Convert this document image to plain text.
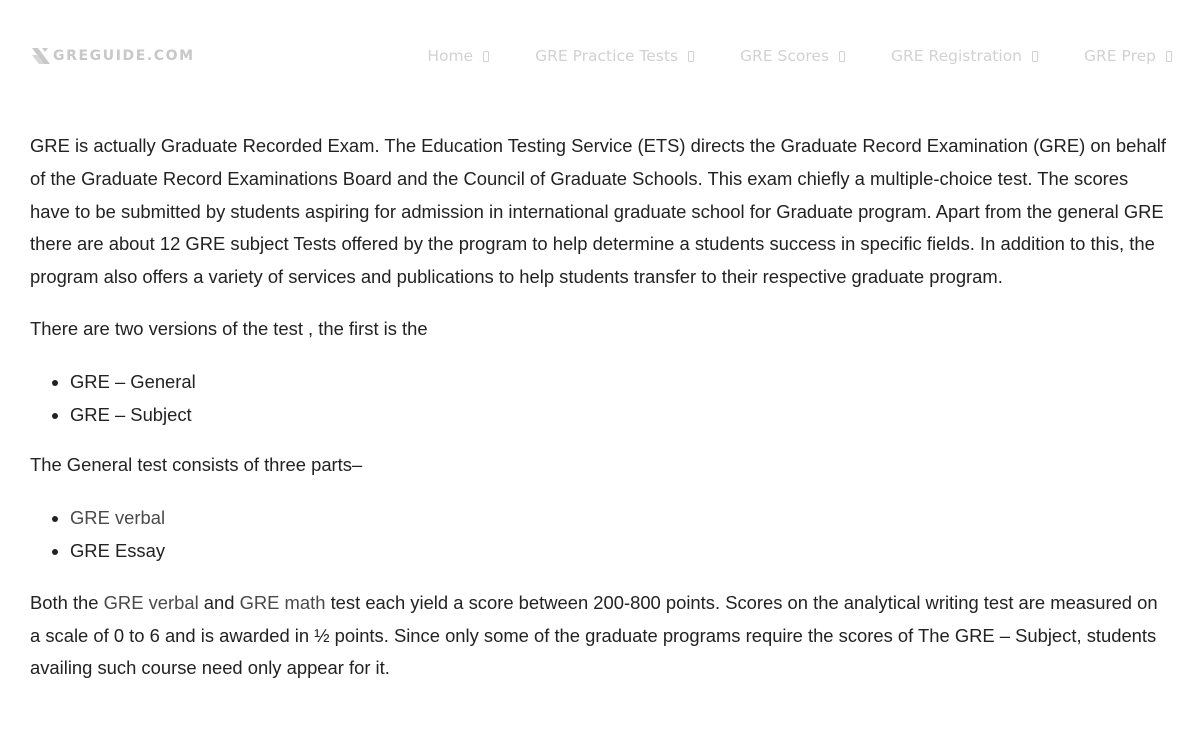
GREGUIDE.COM	Home	GRE Practice Tests	GRE Scores	GRE Registration	GRE Prep

GRE is actually Graduate Recorded Exam. The Education Testing Service (ETS) directs the Graduate Record Examination (GRE) on behalf of the Graduate Record Examinations Board and the Council of Graduate Schools. This exam chiefly a multiple-choice test. The scores have to be submitted by students aspiring for admission in international graduate school for Graduate program. Apart from the general GRE there are about 12 GRE subject Tests offered by the program to help determine a students success in specific fields. In addition to this, the program also offers a variety of services and publications to help students transfer to their respective graduate program.

There are two versions of the test , the first is the

• GRE – General
• GRE – Subject

The General test consists of three parts–

• GRE verbal
• GRE Essay

Both the GRE verbal and GRE math test each yield a score between 200-800 points. Scores on the analytical writing test are measured on a scale of 0 to 6 and is awarded in ½ points. Since only some of the graduate programs require the scores of The GRE – Subject, students availing such course need only appear for it.
